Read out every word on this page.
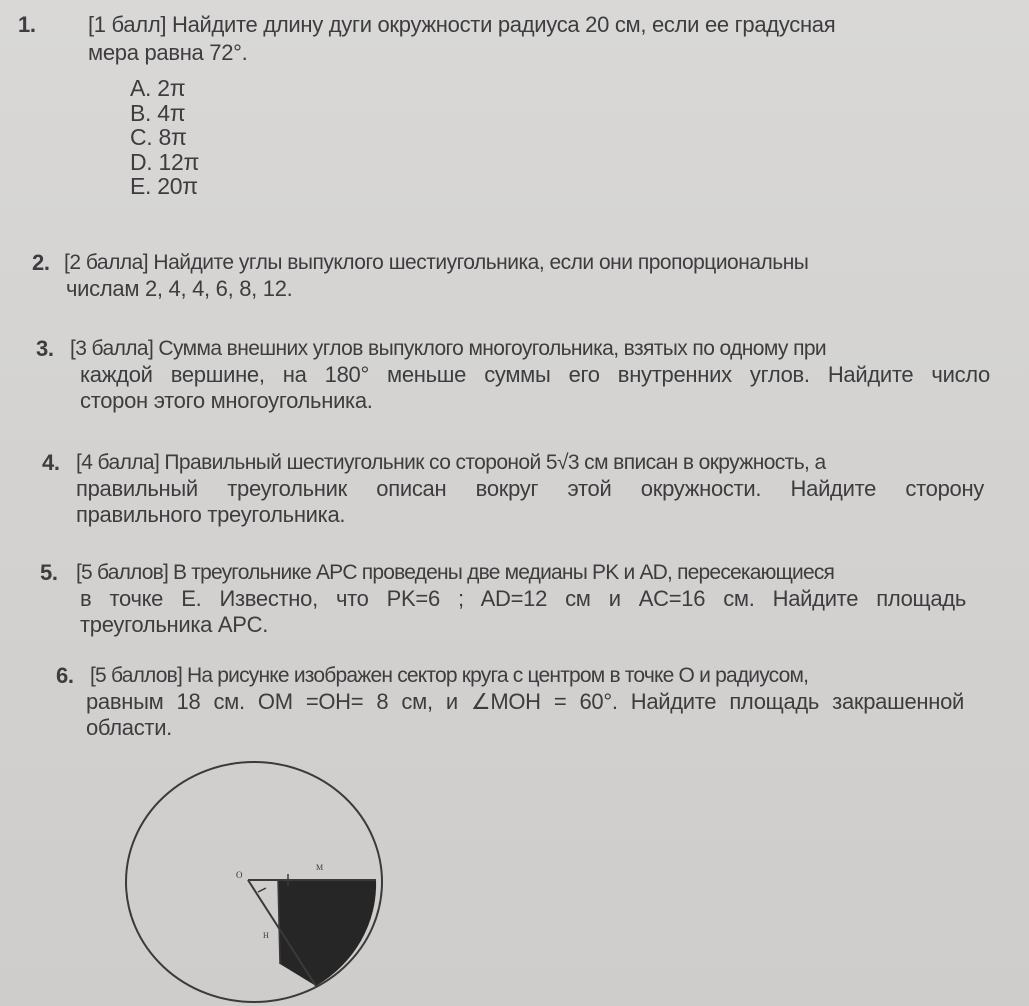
1. [1 балл] Найдите длину дуги окружности радиуса 20 см, если ее градусная
мера равна 72°.
A. 2π
B. 4π
C. 8π
D. 12π
E. 20π
2. [2 балла] Найдите углы выпуклого шестиугольника, если они пропорциональны
числам 2, 4, 4, 6, 8, 12.
3. [3 балла] Сумма внешних углов выпуклого многоугольника, взятых по одному при
каждой вершине, на 180° меньше суммы его внутренних углов. Найдите число
сторон этого многоугольника.
4. [4 балла] Правильный шестиугольник со стороной 5√3 см вписан в окружность, а
правильный треугольник описан вокруг этой окружности. Найдите сторону
правильного треугольника.
5. [5 баллов] В треугольнике APC проведены две медианы PK и AD, пересекающиеся
в точке E. Известно, что PK=6 ; AD=12 см и AC=16 см. Найдите площадь
треугольника APC.
6. [5 баллов] На рисунке изображен сектор круга с центром в точке O и радиусом,
равным 18 см. OM =OH= 8 см, и ∠MOH = 60°. Найдите площадь закрашенной
области.
O
M
H
